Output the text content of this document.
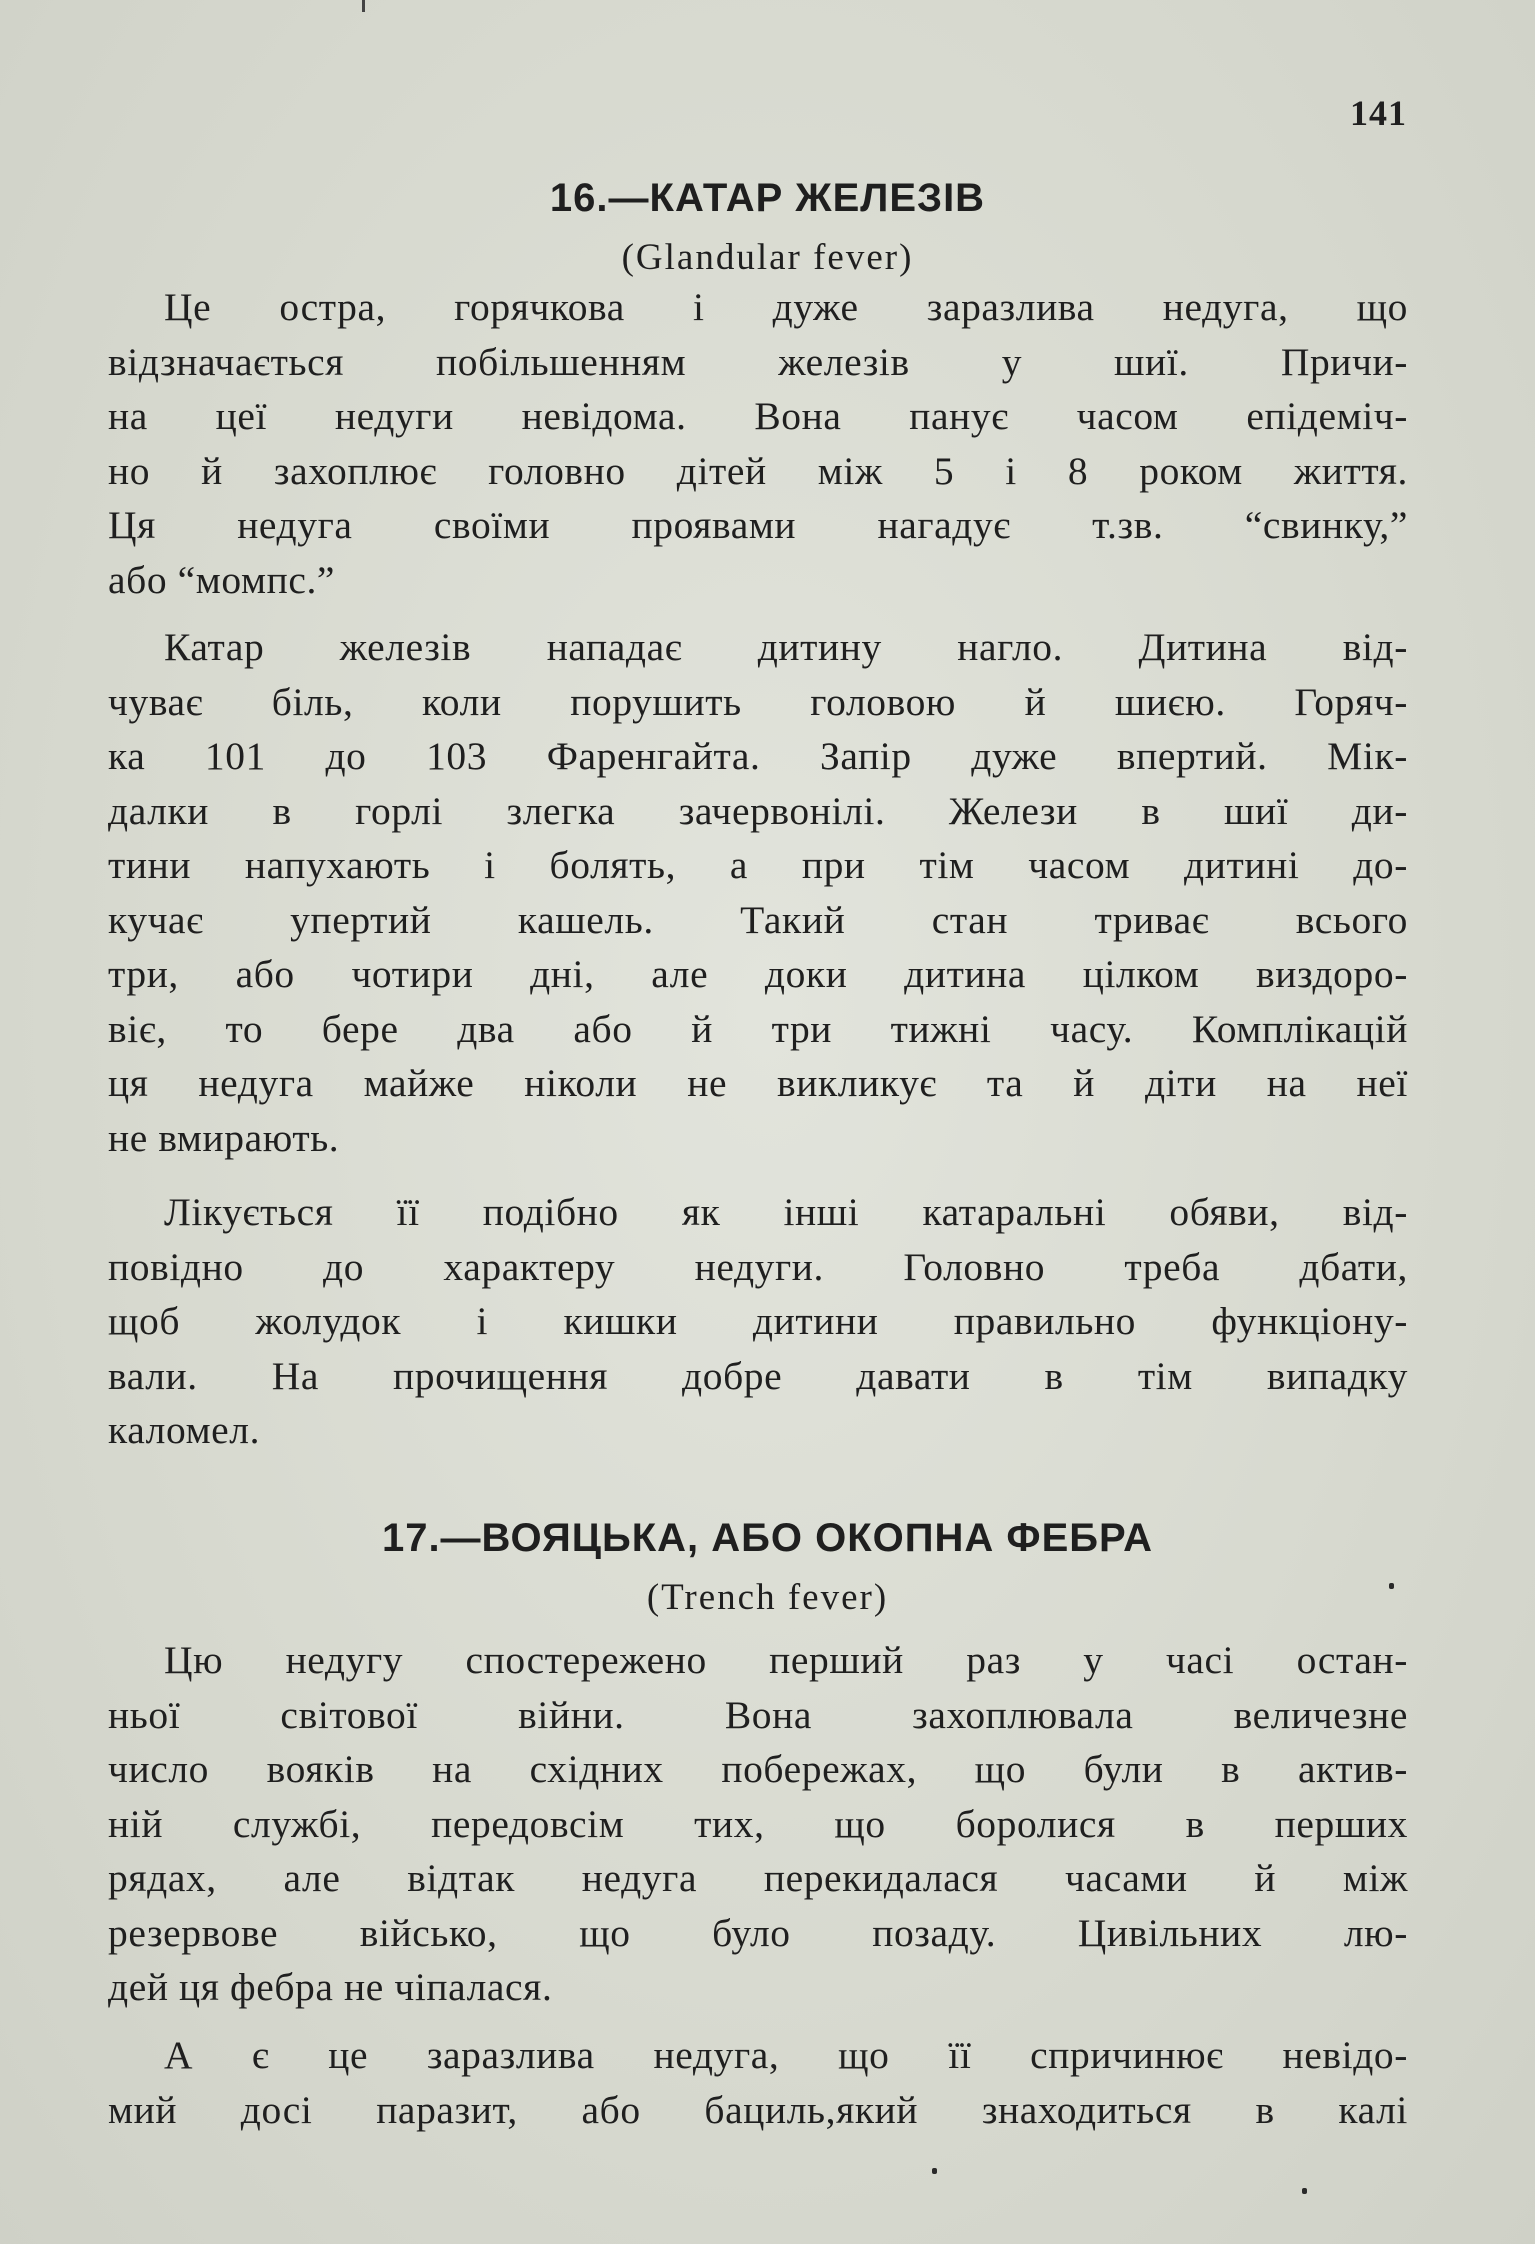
141
16.—КАТАР ЖЕЛЕЗІВ
(Glandular fever)
Це остра, горячкова і дуже заразлива недуга, що
відзначається побільшенням железів у шиї. Причи-
на цеї недуги невідома. Вона панує часом епідеміч-
но й захоплює головно дітей між 5 і 8 роком життя.
Ця недуга своїми проявами нагадує т.зв. “свинку,”
або “момпс.”
Катар железів нападає дитину нагло. Дитина від-
чуває біль, коли порушить головою й шиєю. Горяч-
ка 101 до 103 Фаренгайта. Запір дуже впертий. Мік-
далки в горлі злегка зачервонілі. Желези в шиї ди-
тини напухають і болять, а при тім часом дитині до-
кучає упертий кашель. Такий стан триває всього
три, або чотири дні, але доки дитина цілком виздоро-
віє, то бере два або й три тижні часу. Комплікацій
ця недуга майже ніколи не викликує та й діти на неї
не вмирають.
Лікується її подібно як інші катаральні обяви, від-
повідно до характеру недуги. Головно треба дбати,
щоб жолудок і кишки дитини правильно функціону-
вали. На прочищення добре давати в тім випадку
каломел.
17.—ВОЯЦЬКА, АБО ОКОПНА ФЕБРА
(Trench fever)
Цю недугу спостережено перший раз у часі остан-
ньої світової війни. Вона захоплювала величезне
число вояків на східних побережах, що були в актив-
ній службі, передовсім тих, що боролися в перших
рядах, але відтак недуга перекидалася часами й між
резервове військо, що було позаду. Цивільних лю-
дей ця фебра не чіпалася.
А є це заразлива недуга, що її спричинює невідо-
мий досі паразит, або бациль,який знаходиться в калі
